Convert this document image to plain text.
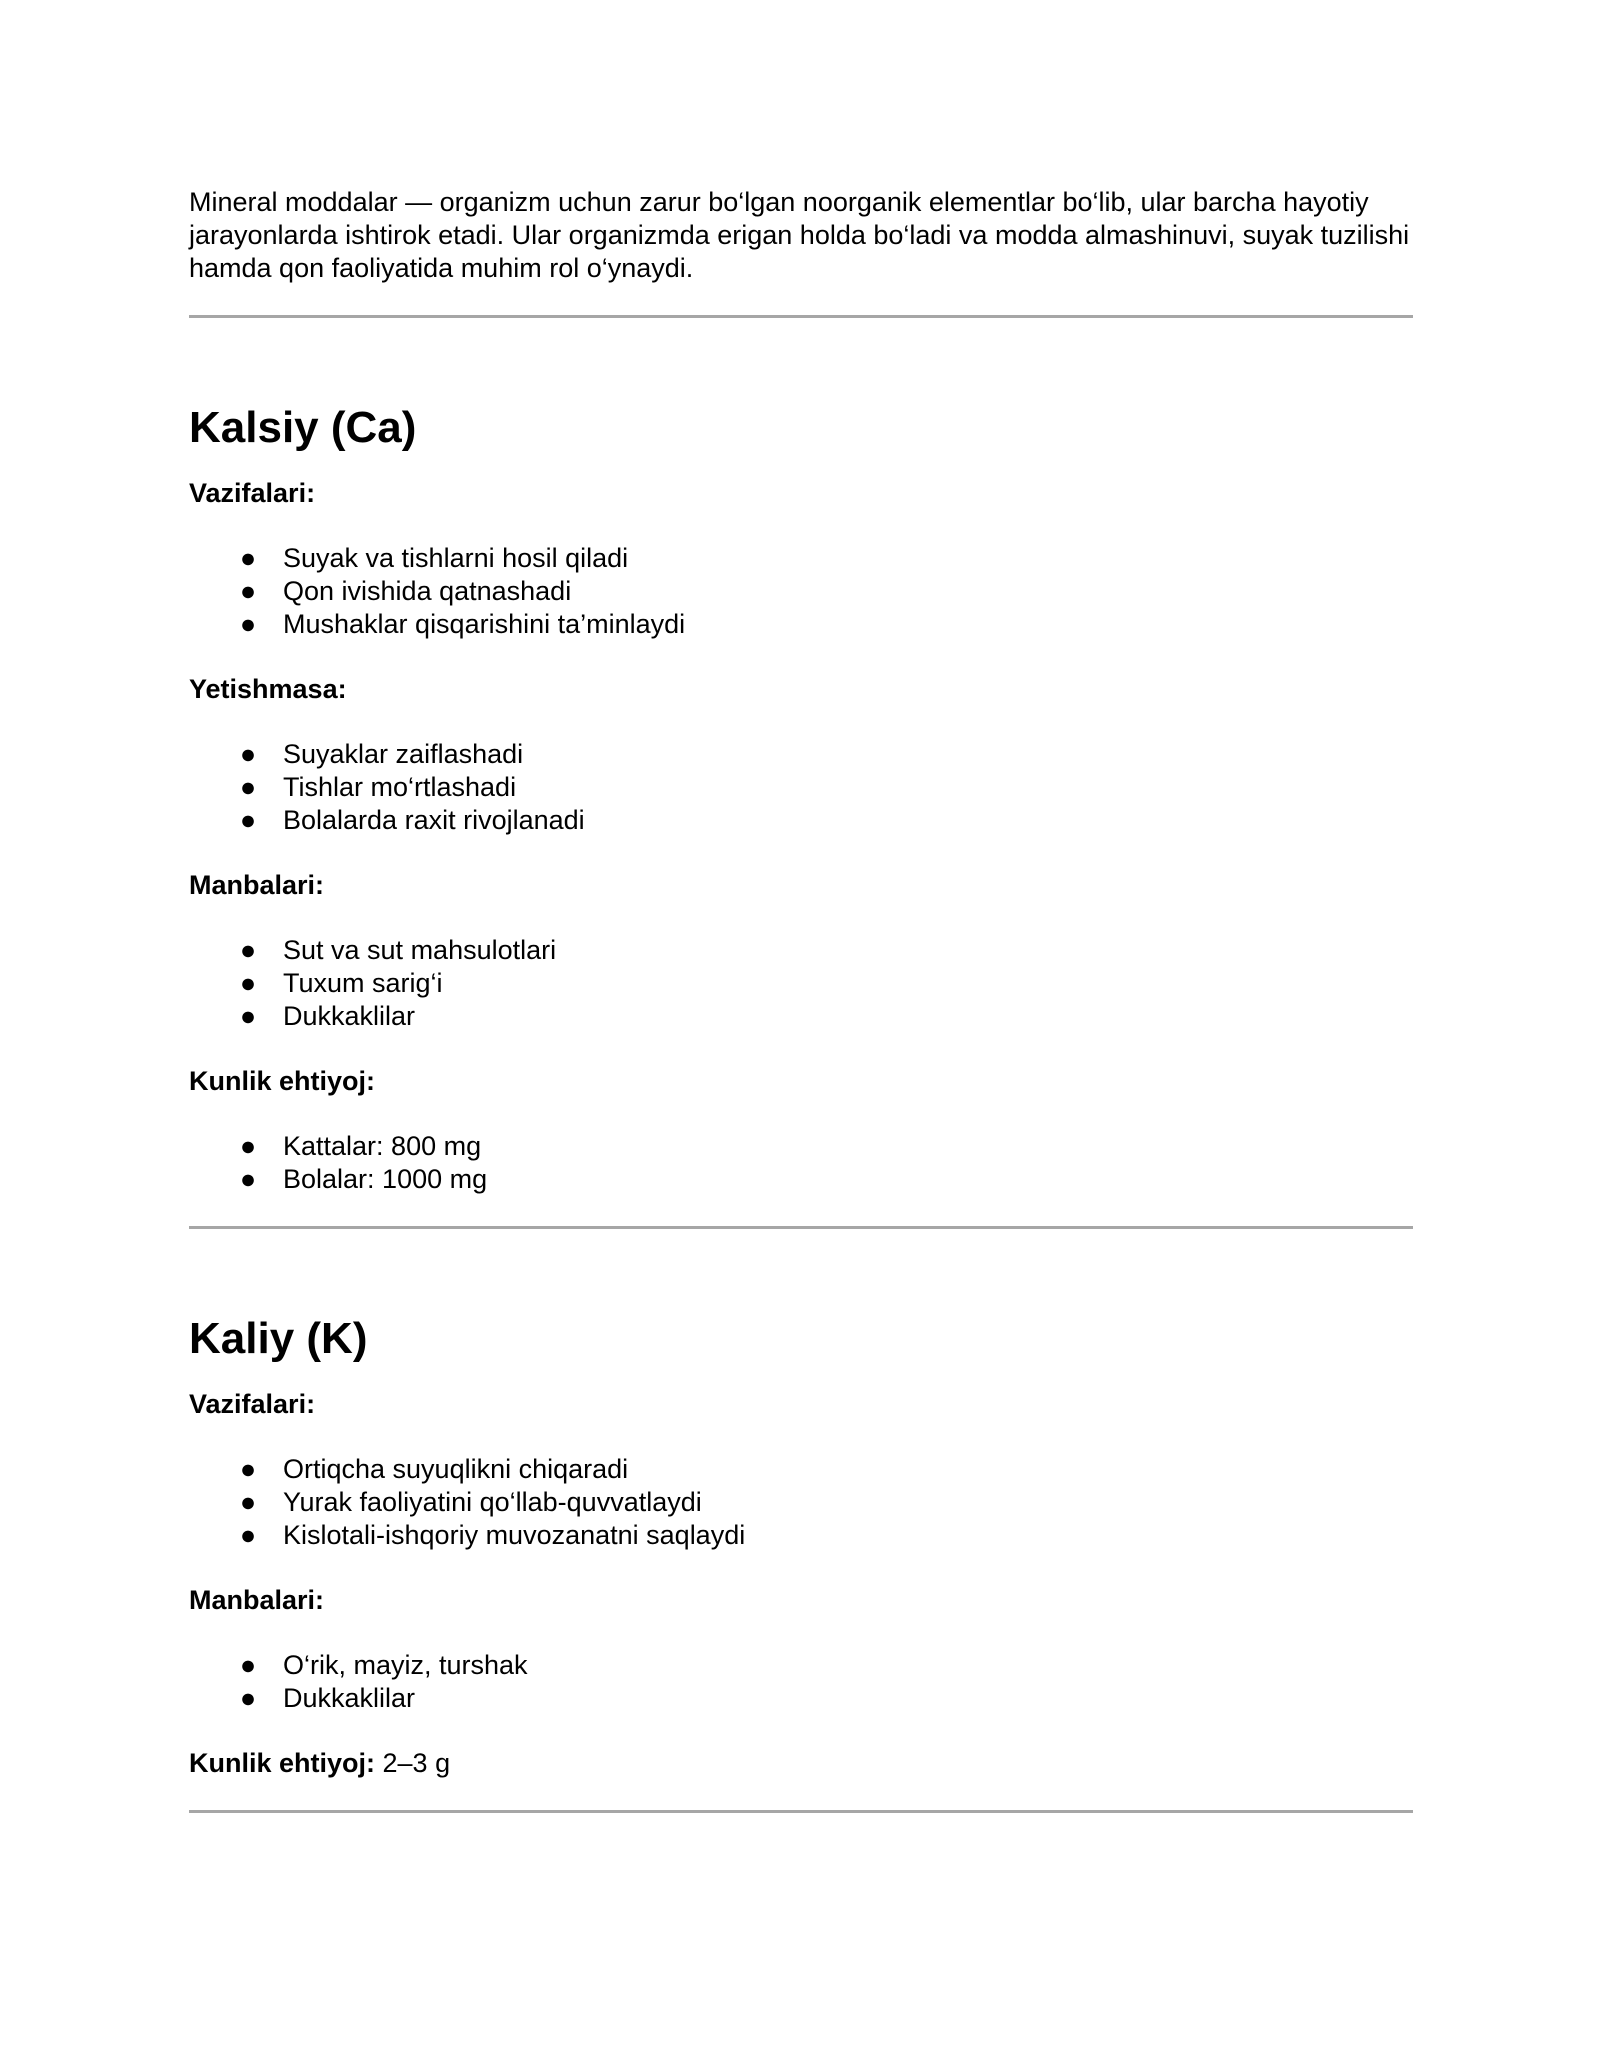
Mineral moddalar — organizm uchun zarur bo‘lgan noorganik elementlar bo‘lib, ular barcha hayotiy jarayonlarda ishtirok etadi. Ular organizmda erigan holda bo‘ladi va modda almashinuvi, suyak tuzilishi hamda qon faoliyatida muhim rol o‘ynaydi.

Kalsiy (Ca)

Vazifalari:

● Suyak va tishlarni hosil qiladi
● Qon ivishida qatnashadi
● Mushaklar qisqarishini ta’minlaydi

Yetishmasa:

● Suyaklar zaiflashadi
● Tishlar mo‘rtlashadi
● Bolalarda raxit rivojlanadi

Manbalari:

● Sut va sut mahsulotlari
● Tuxum sarig‘i
● Dukkaklilar

Kunlik ehtiyoj:

● Kattalar: 800 mg
● Bolalar: 1000 mg
Kaliy (K)

Vazifalari:

● Ortiqcha suyuqlikni chiqaradi
● Yurak faoliyatini qo‘llab-quvvatlaydi
● Kislotali-ishqoriy muvozanatni saqlaydi

Manbalari:

● O‘rik, mayiz, turshak
● Dukkaklilar

Kunlik ehtiyoj: 2–3 g
